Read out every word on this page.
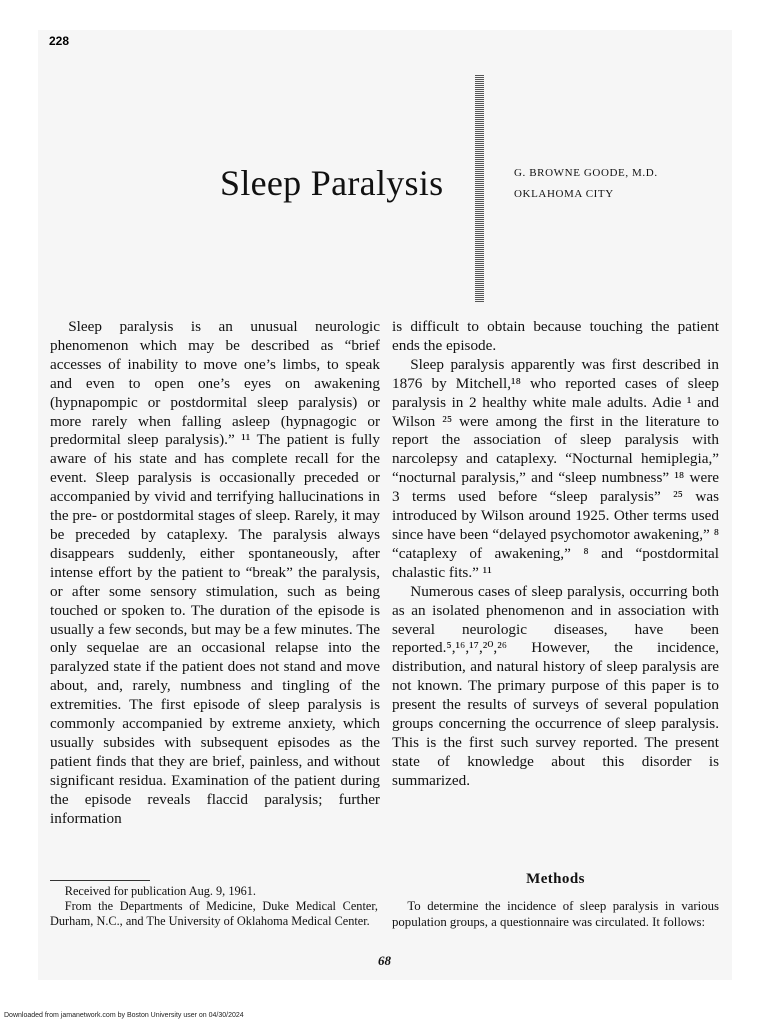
228
Sleep Paralysis	G. BROWNE GOODE, M.D.
OKLAHOMA CITY

Sleep paralysis is an unusual neurologic phenomenon which may be described as “brief accesses of inability to move one’s limbs, to speak and even to open one’s eyes on awakening (hypnapompic or postdormital sleep paralysis) or more rarely when falling asleep (hypnagogic or predormital sleep paralysis).” ¹¹ The patient is fully aware of his state and has complete recall for the event. Sleep paralysis is occasionally preceded or accompanied by vivid and terrifying hallucinations in the pre- or postdormital stages of sleep. Rarely, it may be preceded by cataplexy. The paralysis always disappears suddenly, either spontaneously, after intense effort by the patient to “break” the paralysis, or after some sensory stimulation, such as being touched or spoken to. The duration of the episode is usually a few seconds, but may be a few minutes. The only sequelae are an occasional relapse into the paralyzed state if the patient does not stand and move about, and, rarely, numbness and tingling of the extremities. The first episode of sleep paralysis is commonly accompanied by extreme anxiety, which usually subsides with subsequent episodes as the patient finds that they are brief, painless, and without significant residua. Examination of the patient during the episode reveals flaccid paralysis; further information

is difficult to obtain because touching the patient ends the episode.

Sleep paralysis apparently was first described in 1876 by Mitchell,¹⁸ who reported cases of sleep paralysis in 2 healthy white male adults. Adie ¹ and Wilson ²⁵ were among the first in the literature to report the association of sleep paralysis with narcolepsy and cataplexy. “Nocturnal hemiplegia,” “nocturnal paralysis,” and “sleep numbness” ¹⁸ were 3 terms used before “sleep paralysis” ²⁵ was introduced by Wilson around 1925. Other terms used since have been “delayed psychomotor awakening,” ⁸ “cataplexy of awakening,” ⁸ and “postdormital chalastic fits.” ¹¹

Numerous cases of sleep paralysis, occurring both as an isolated phenomenon and in association with several neurologic diseases, have been reported.⁵,¹⁶,¹⁷,²⁰,²⁶ However, the incidence, distribution, and natural history of sleep paralysis are not known. The primary purpose of this paper is to present the results of surveys of several population groups concerning the occurrence of sleep paralysis. This is the first such survey reported. The present state of knowledge about this disorder is summarized.

Received for publication Aug. 9, 1961.

From the Departments of Medicine, Duke Medical Center, Durham, N.C., and The University of Oklahoma Medical Center.

Methods

To determine the incidence of sleep paralysis in various population groups, a questionnaire was circulated. It follows:

68
Downloaded from jamanetwork.com by Boston University user on 04/30/2024
